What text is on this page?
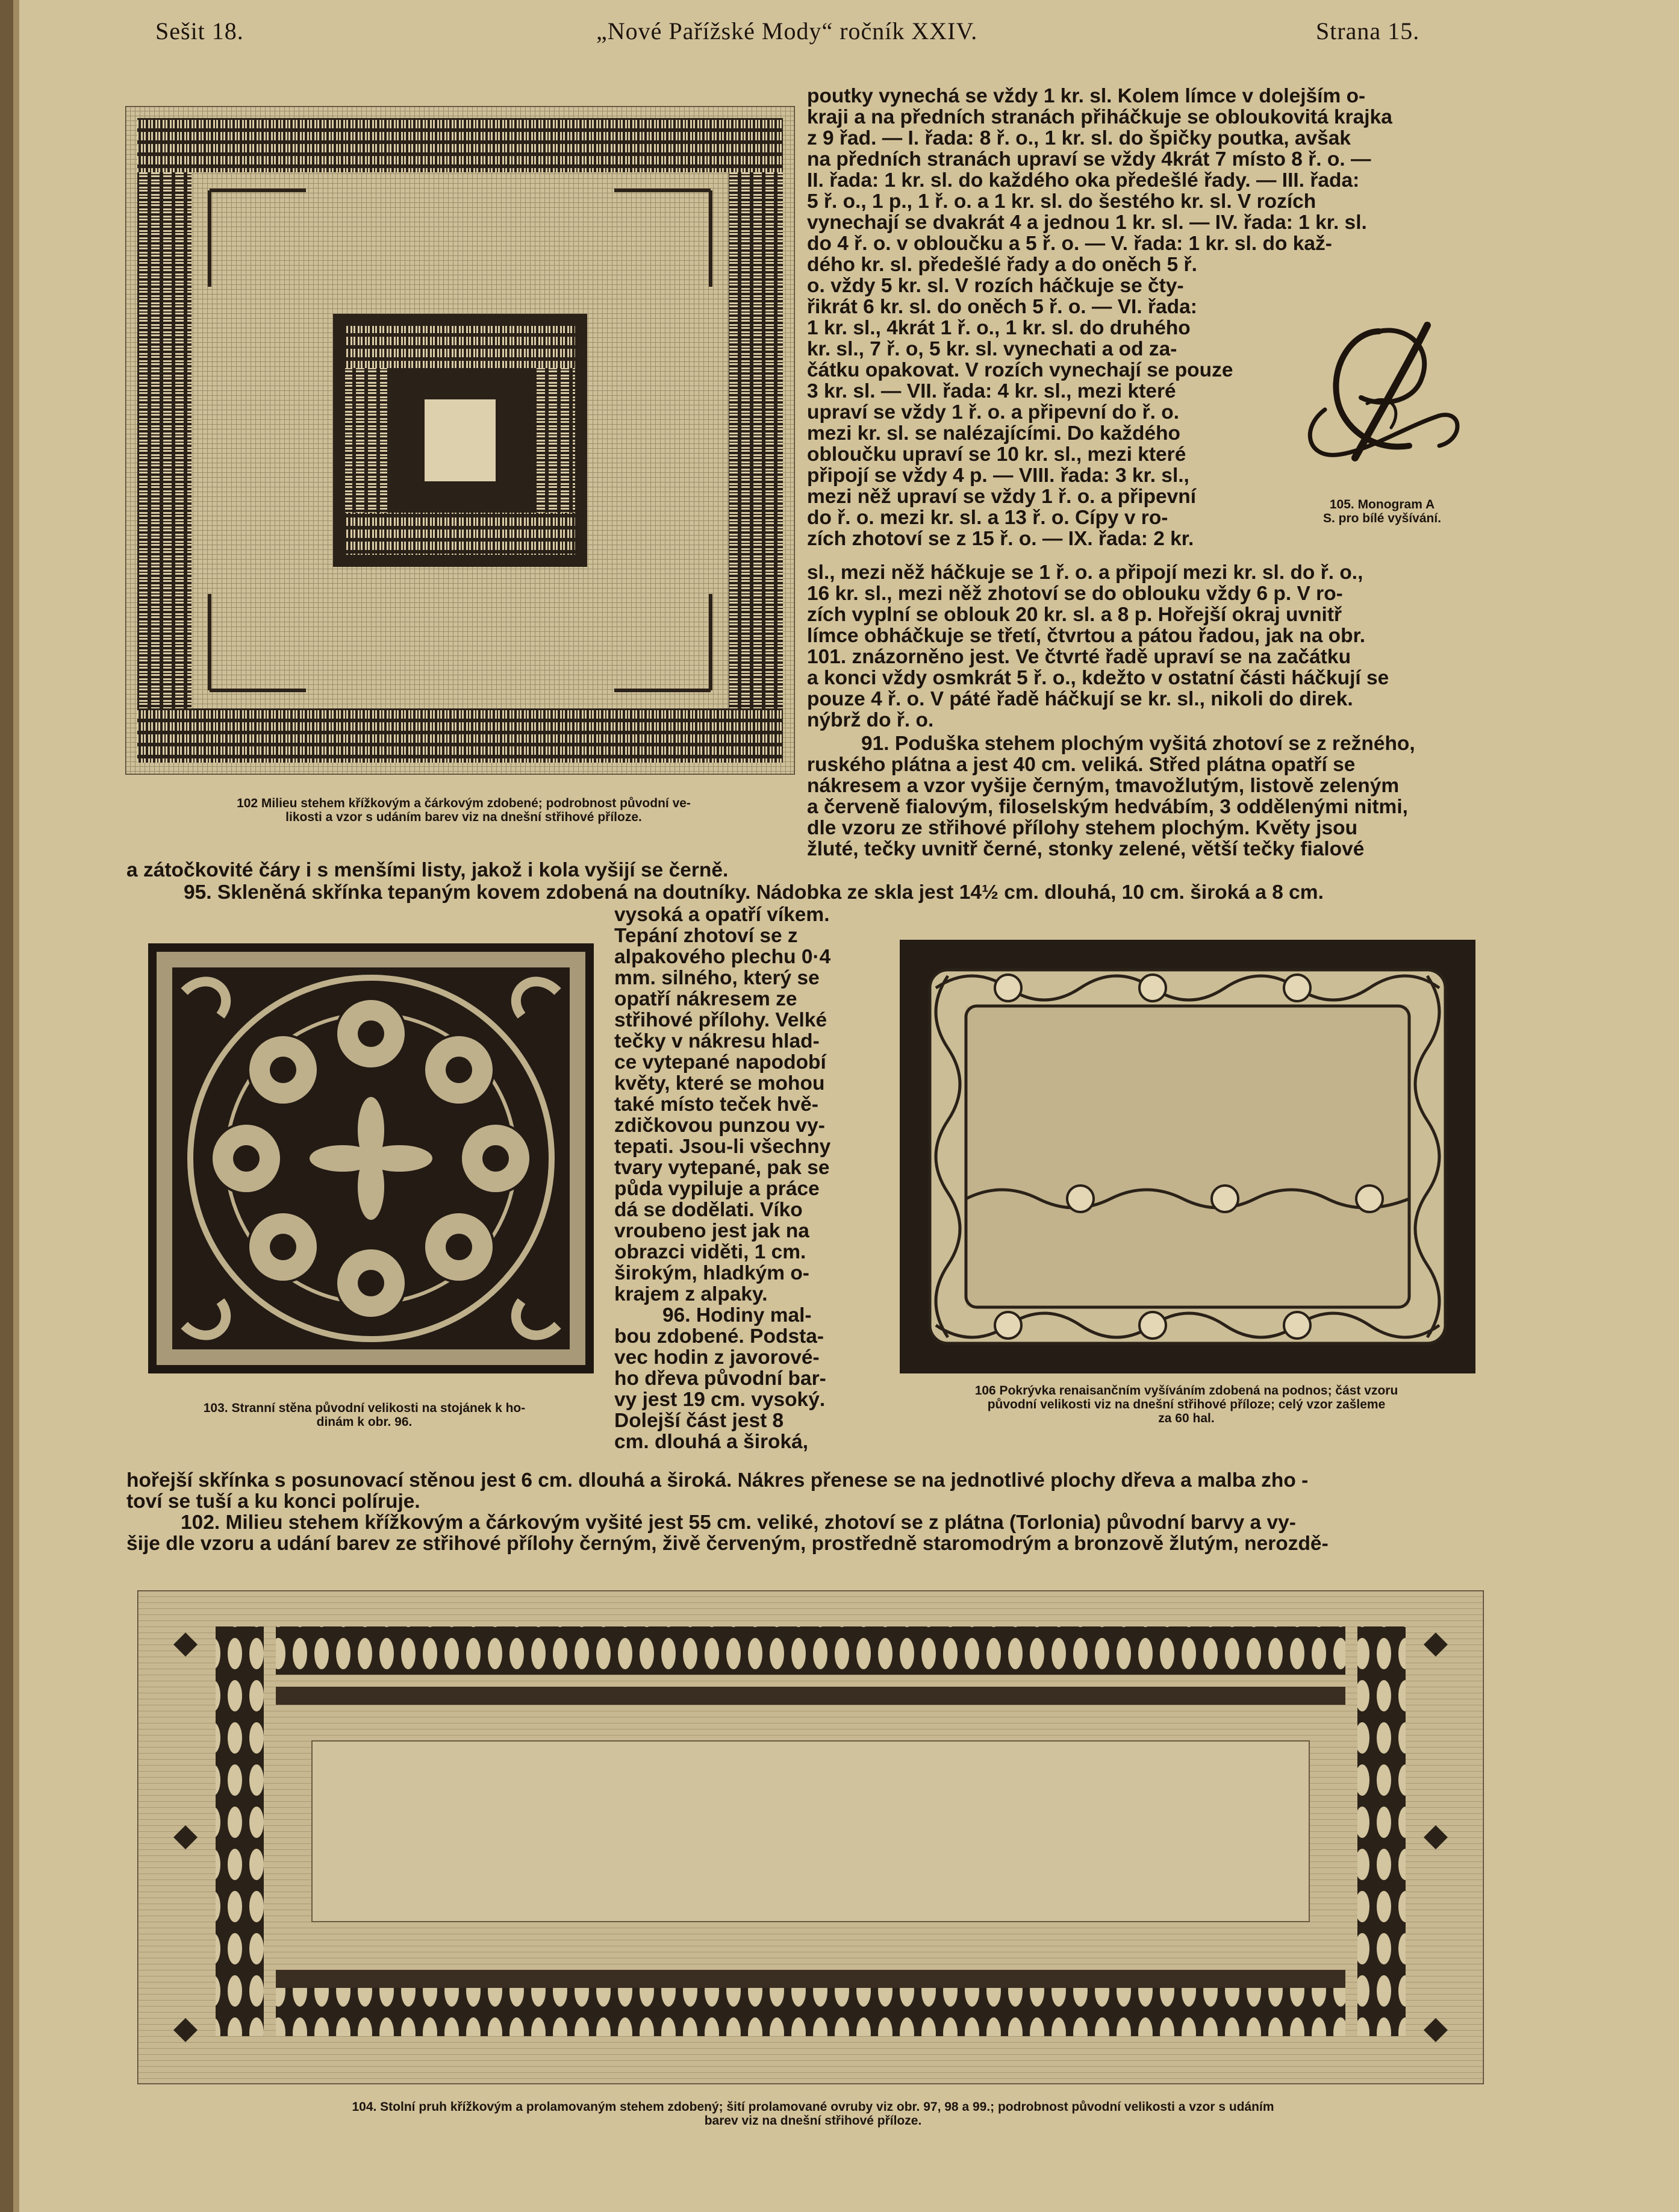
Sešit 18.	„Nové Pařížské Mody“ ročník XXIV.	Strana 15.
102 Milieu stehem křížkovým a čárkovým zdobené; podrobnost původní ve-
likosti a vzor s udáním barev viz na dnešní střihové příloze.

poutky vynechá se vždy 1 kr. sl. Kolem límce v dolejším o-

kraji a na předních stranách přiháčkuje se obloukovitá krajka

z 9 řad. — I. řada: 8 ř. o., 1 kr. sl. do špičky poutka, avšak

na předních stranách upraví se vždy 4krát 7 místo 8 ř. o. —

II. řada: 1 kr. sl. do každého oka předešlé řady. — III. řada:

5 ř. o., 1 p., 1 ř. o. a 1 kr. sl. do šestého kr. sl. V rozích

vynechají se dvakrát 4 a jednou 1 kr. sl. — IV. řada: 1 kr. sl.

do 4 ř. o. v obloučku a 5 ř. o. — V. řada: 1 kr. sl. do kaž-

dého kr. sl. předešlé řady a do oněch 5 ř.

o. vždy 5 kr. sl. V rozích háčkuje se čty-

řikrát 6 kr. sl. do oněch 5 ř. o. — VI. řada:

1 kr. sl., 4krát 1 ř. o., 1 kr. sl. do druhého

kr. sl., 7 ř. o, 5 kr. sl. vynechati a od za-

čátku opakovat. V rozích vynechají se pouze

3 kr. sl. — VII. řada: 4 kr. sl., mezi které

upraví se vždy 1 ř. o. a připevní do ř. o.

mezi kr. sl. se nalézajícími. Do každého

obloučku upraví se 10 kr. sl., mezi které

připojí se vždy 4 p. — VIII. řada: 3 kr. sl.,

mezi něž upraví se vždy 1 ř. o. a připevní

do ř. o. mezi kr. sl. a 13 ř. o. Cípy v ro-

zích zhotoví se z 15 ř. o. — IX. řada: 2 kr.

105. Monogram A
S. pro bílé vyšívání.

sl., mezi něž háčkuje se 1 ř. o. a připojí mezi kr. sl. do ř. o.,

16 kr. sl., mezi něž zhotoví se do oblouku vždy 6 p. V ro-

zích vyplní se oblouk 20 kr. sl. a 8 p. Hořejší okraj uvnitř

límce obháčkuje se třetí, čtvrtou a pátou řadou, jak na obr.

101. znázorněno jest. Ve čtvrté řadě upraví se na začátku

a konci vždy osmkrát 5 ř. o., kdežto v ostatní části háčkují se

pouze 4 ř. o. V páté řadě háčkují se kr. sl., nikoli do direk.

nýbrž do ř. o.

91. Poduška stehem plochým vyšitá zhotoví se z režného,

ruského plátna a jest 40 cm. veliká. Střed plátna opatří se

nákresem a vzor vyšije černým, tmavožlutým, listově zeleným

a červeně fialovým, filoselským hedvábím, 3 oddělenými nitmi,

dle vzoru ze střihové přílohy stehem plochým. Květy jsou

žluté, tečky uvnitř černé, stonky zelené, větší tečky fialové

a zátočkovité čáry i s menšími listy, jakož i kola vyšijí se černě.
95. Skleněná skřínka tepaným kovem zdobená na doutníky. Nádobka ze skla jest 14½ cm. dlouhá, 10 cm. široká a 8 cm.
103. Stranní stěna původní velikosti na stojánek k ho-
dinám k obr. 96.

vysoká a opatří víkem.

Tepání zhotoví se z

alpakového plechu 0·4

mm. silného, který se

opatří nákresem ze

střihové přílohy. Velké

tečky v nákresu hlad-

ce vytepané napodobí

květy, které se mohou

také místo teček hvě-

zdičkovou punzou vy-

tepati. Jsou-li všechny

tvary vytepané, pak se

půda vypiluje a práce

dá se dodělati. Víko

vroubeno jest jak na

obrazci viděti, 1 cm.

širokým, hladkým o-

krajem z alpaky.

96. Hodiny mal-

bou zdobené. Podsta-

vec hodin z javorové-

ho dřeva původní bar-

vy jest 19 cm. vysoký.

Dolejší část jest 8

cm. dlouhá a široká,

106 Pokrývka renaisančním vyšíváním zdobená na podnos; část vzoru
původní velikosti viz na dnešní střihové příloze; celý vzor zašleme
za 60 hal.

hořejší skřínka s posunovací stěnou jest 6 cm. dlouhá a široká. Nákres přenese se na jednotlivé plochy dřeva a malba zho -

toví se tuší a ku konci políruje.

102. Milieu stehem křížkovým a čárkovým vyšité jest 55 cm. veliké, zhotoví se z plátna (Torlonia) původní barvy a vy-

šije dle vzoru a udání barev ze střihové přílohy černým, živě červeným, prostředně staromodrým a bronzově žlutým, nerozdě-

104. Stolní pruh křížkovým a prolamovaným stehem zdobený; šití prolamované ovruby viz obr. 97, 98 a 99.; podrobnost původní velikosti a vzor s udáním
barev viz na dnešní střihové příloze.
